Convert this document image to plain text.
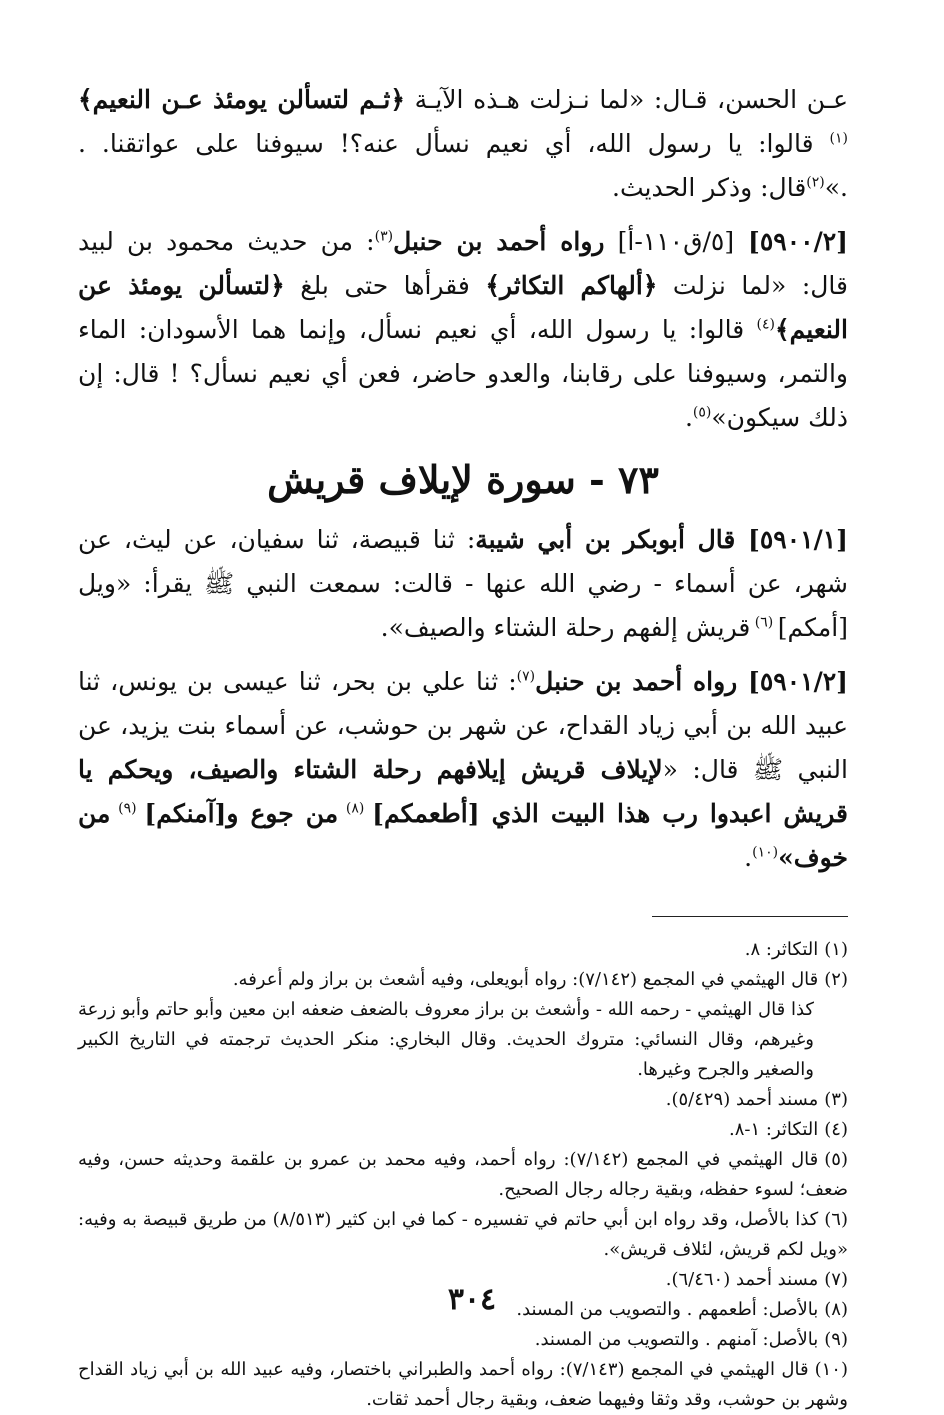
عـن الحسن، قـال: «لما نـزلت هـذه الآيـة ﴿ثـم لتسألن يومئذ عـن النعيم﴾$^{(١)}$ قالوا: يا رسول الله، أي نعيم نسأل عنه؟! سيوفنا على عواتقنا. . .»$^{(٢)}$قال: وذكر الحديث.

[٥٩٠٠/٢] [٥/ق١١٠-أ] رواه أحمد بن حنبل$^{(٣)}$: من حديث محمود بن لبيد قال: «لما نزلت ﴿ألهاكم التكاثر﴾ فقرأها حتى بلغ ﴿لتسألن يومئذ عن النعيم﴾$^{(٤)}$ قالوا: يا رسول الله، أي نعيم نسأل، وإنما هما الأسودان: الماء والتمر، وسيوفنا على رقابنا، والعدو حاضر، فعن أي نعيم نسأل؟ ! قال: إن ذلك سيكون»$^{(٥)}$.

٧٣ - سورة لإيلاف قريش

[٥٩٠١/١] قال أبوبكر بن أبي شيبة: ثنا قبيصة، ثنا سفيان، عن ليث، عن شهر، عن أسماء - رضي الله عنها - قالت: سمعت النبي ﷺ يقرأ: «ويل [أمكم] $^{(٦)}$ قريش إلفهم رحلة الشتاء والصيف».

[٥٩٠١/٢] رواه أحمد بن حنبل$^{(٧)}$: ثنا علي بن بحر، ثنا عيسى بن يونس، ثنا عبيد الله بن أبي زياد القداح، عن شهر بن حوشب، عن أسماء بنت يزيد، عن النبي ﷺ قال: «لإيلاف قريش إيلافهم رحلة الشتاء والصيف، ويحكم يا قريش اعبدوا رب هذا البيت الذي [أطعمكم] $^{(٨)}$ من جوع و[آمنكم] $^{(٩)}$ من خوف»$^{(١٠)}$.

(١)التكاثر: ٨.

(٢)قال الهيثمي في المجمع (٧/١٤٢): رواه أبويعلى، وفيه أشعث بن براز ولم أعرفه.
كذا قال الهيثمي - رحمه الله - وأشعث بن براز معروف بالضعف ضعفه ابن معين وأبو حاتم وأبو زرعة وغيرهم، وقال النسائي: متروك الحديث. وقال البخاري: منكر الحديث ترجمته في التاريخ الكبير والصغير والجرح وغيرها.

(٣)مسند أحمد (٥/٤٢٩).

(٤)التكاثر: ١-٨.

(٥)قال الهيثمي في المجمع (٧/١٤٢): رواه أحمد، وفيه محمد بن عمرو بن علقمة وحديثه حسن، وفيه ضعف؛ لسوء حفظه، وبقية رجاله رجال الصحيح.

(٦)كذا بالأصل، وقد رواه ابن أبي حاتم في تفسيره - كما في ابن كثير (٨/٥١٣) من طريق قبيصة به وفيه: «ويل لكم قريش، لئلاف قريش».

(٧)مسند أحمد (٦/٤٦٠).

(٨)بالأصل: أطعمهم . والتصويب من المسند.

(٩)بالأصل: آمنهم . والتصويب من المسند.

(١٠)قال الهيثمي في المجمع (٧/١٤٣): رواه أحمد والطبراني باختصار، وفيه عبيد الله بن أبي زياد القداح وشهر بن حوشب، وقد وثقا وفيهما ضعف، وبقية رجال أحمد ثقات.

٣٠٤
